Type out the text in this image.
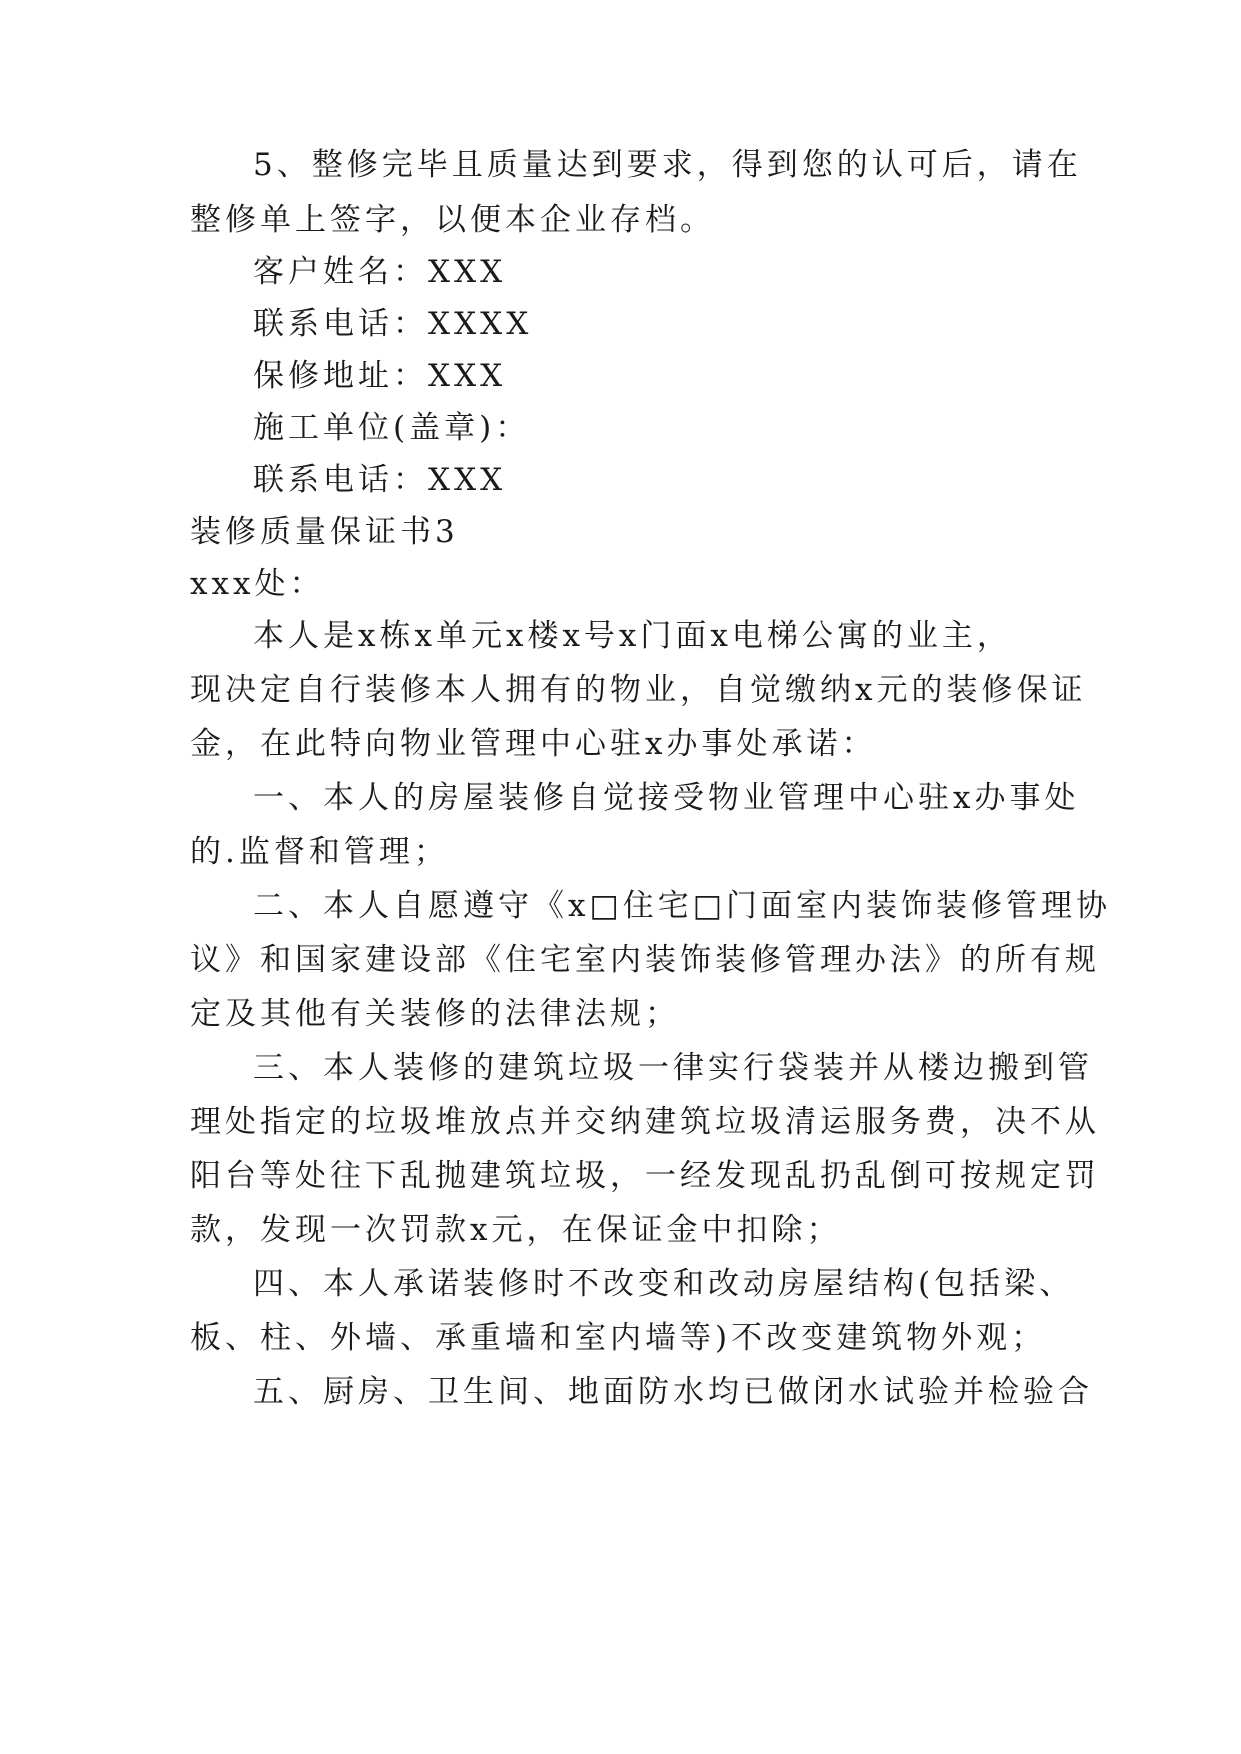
5、整修完毕且质量达到要求，得到您的认可后，请在
整修单上签字，以便本企业存档。
客户姓名：XXX
联系电话：XXXX
保修地址：XXX
施工单位(盖章)：
联系电话：XXX
装修质量保证书3
xxx处：
本人是x栋x单元x楼x号x门面x电梯公寓的业主，
现决定自行装修本人拥有的物业，自觉缴纳x元的装修保证
金，在此特向物业管理中心驻x办事处承诺：
一、本人的房屋装修自觉接受物业管理中心驻x办事处
的.监督和管理；
二、本人自愿遵守《x□住宅□门面室内装饰装修管理协
议》和国家建设部《住宅室内装饰装修管理办法》的所有规
定及其他有关装修的法律法规；
三、本人装修的建筑垃圾一律实行袋装并从楼边搬到管
理处指定的垃圾堆放点并交纳建筑垃圾清运服务费，决不从
阳台等处往下乱抛建筑垃圾，一经发现乱扔乱倒可按规定罚
款，发现一次罚款x元，在保证金中扣除；
四、本人承诺装修时不改变和改动房屋结构(包括梁、
板、柱、外墙、承重墙和室内墙等)不改变建筑物外观；
五、厨房、卫生间、地面防水均已做闭水试验并检验合
